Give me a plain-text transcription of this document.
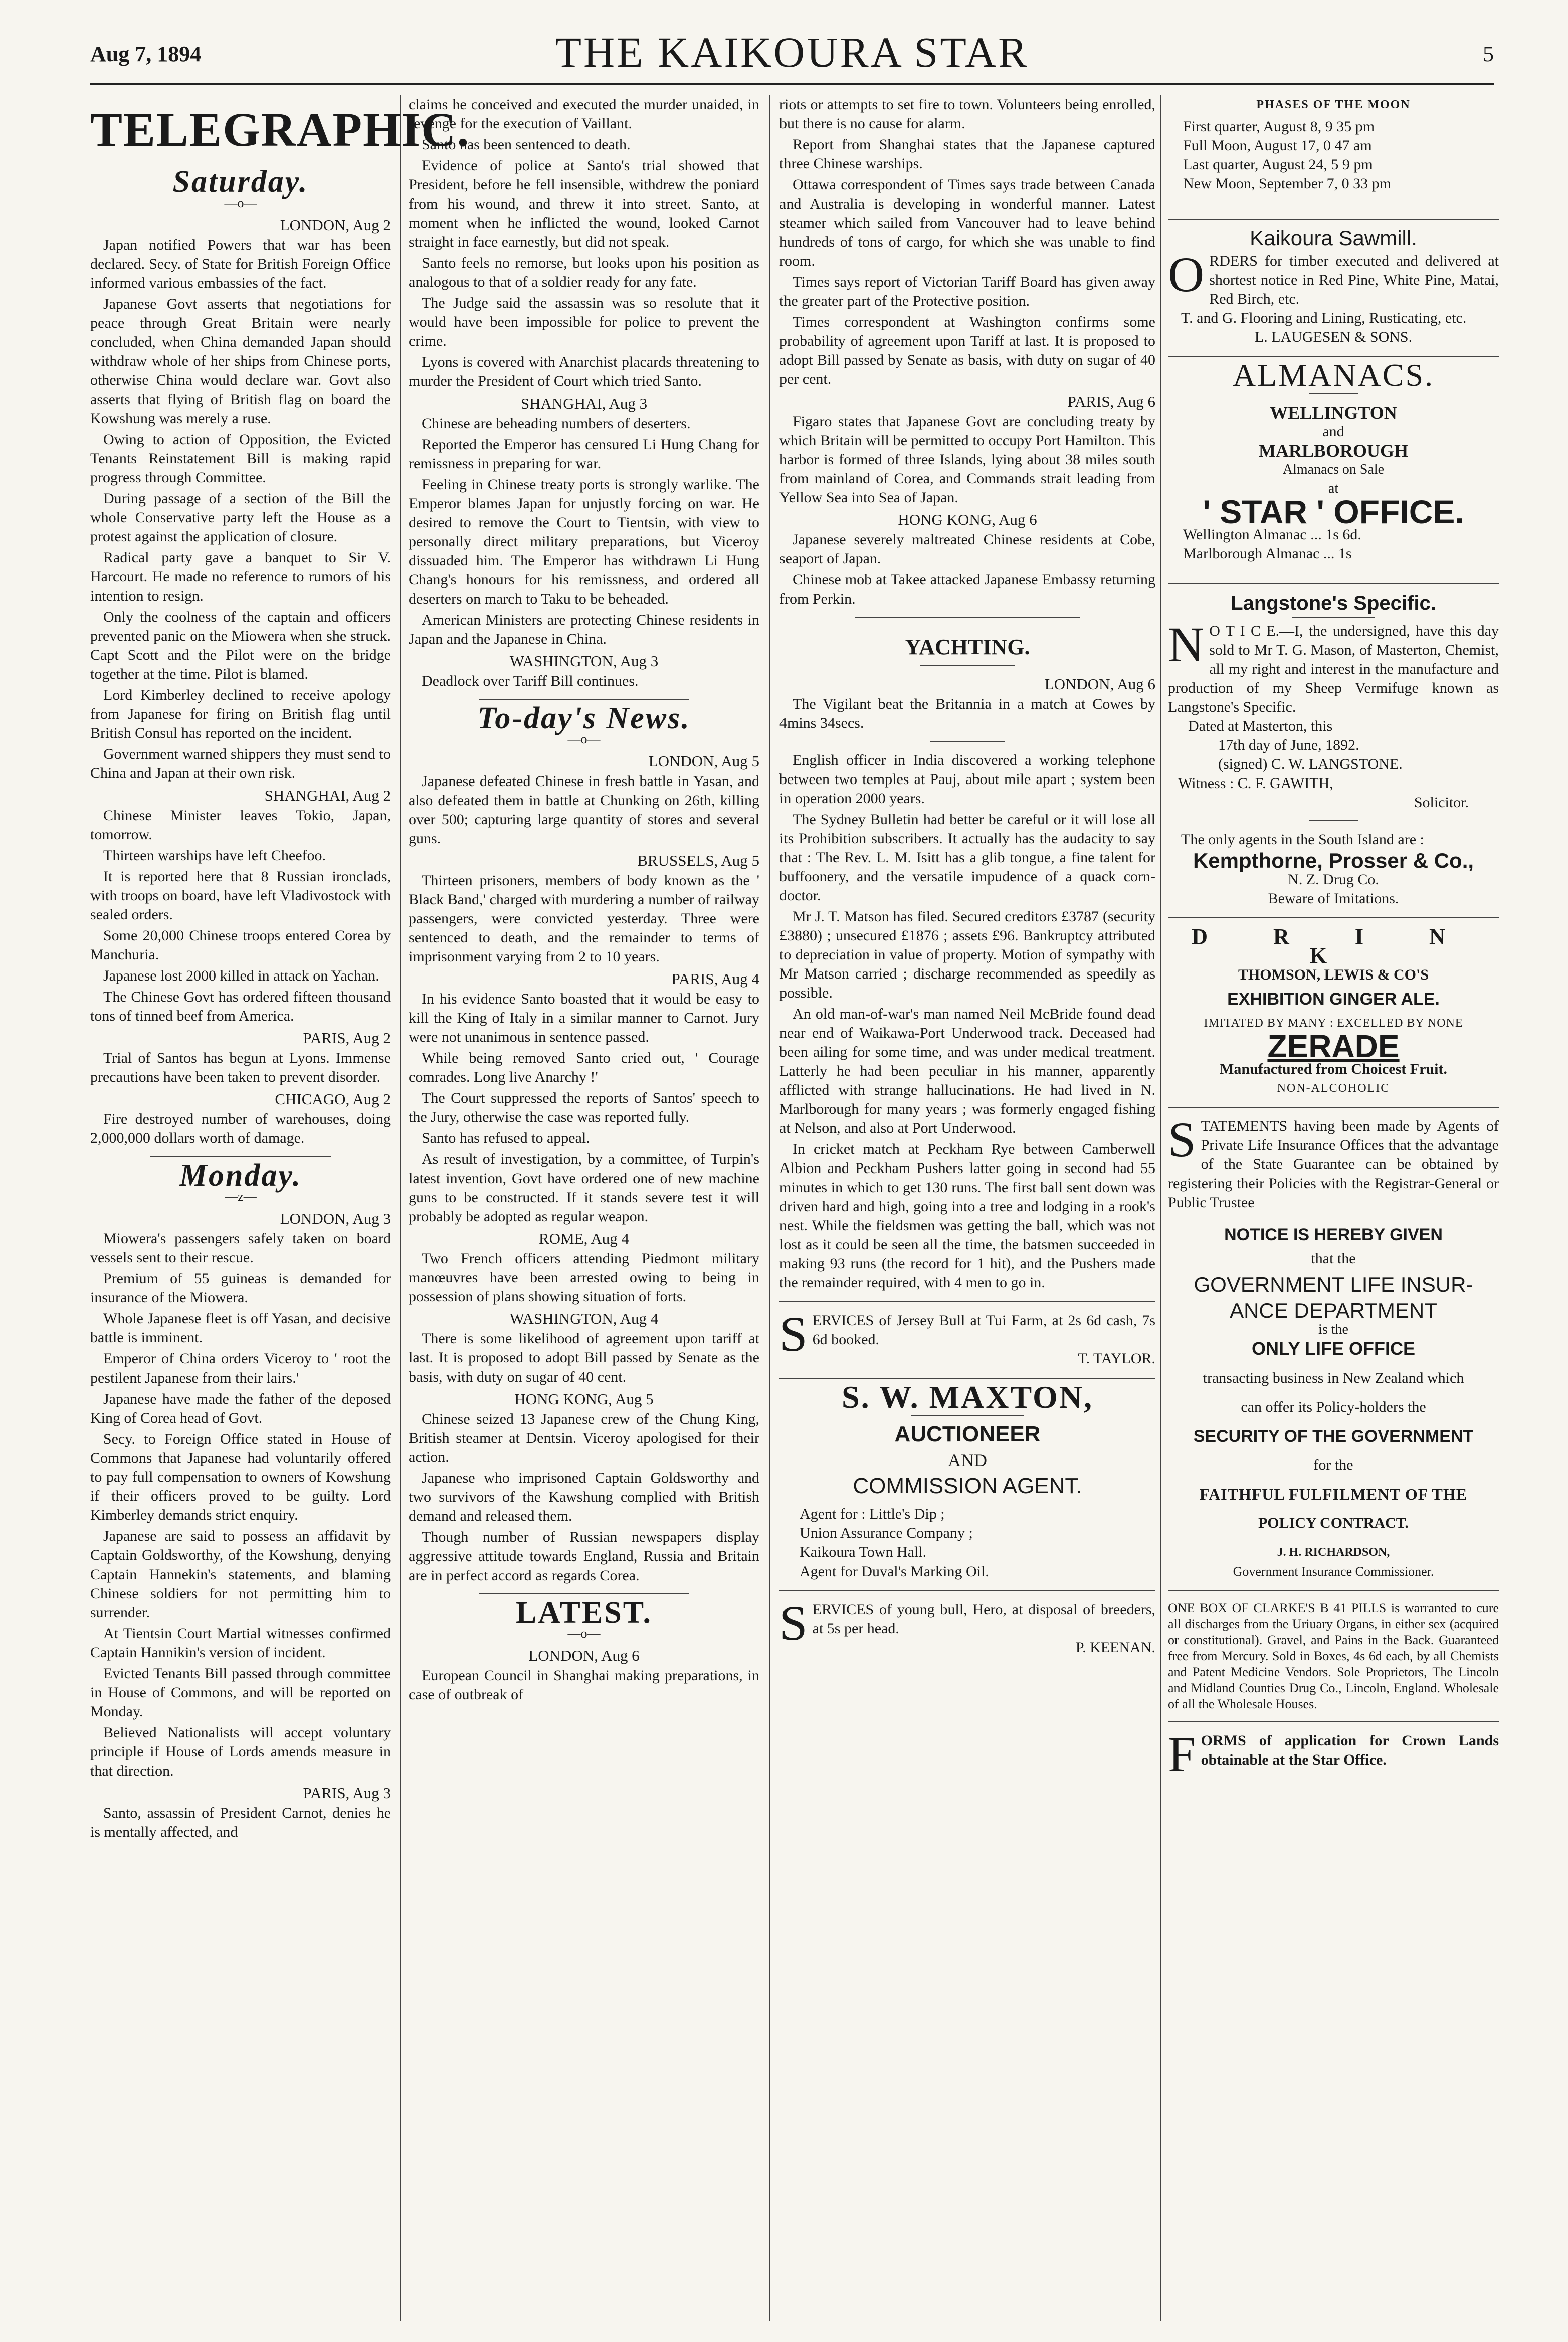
Aug 7, 1894	THE KAIKOURA STAR	5
TELEGRAPHIC.
Saturday.
—o—
LONDON, Aug 2

Japan notified Powers that war has been declared. Secy. of State for British Foreign Office informed various embassies of the fact.

Japanese Govt asserts that negotiations for peace through Great Britain were nearly concluded, when China demanded Japan should withdraw whole of her ships from Chinese ports, otherwise China would declare war. Govt also asserts that flying of British flag on board the Kowshung was merely a ruse.

Owing to action of Opposition, the Evicted Tenants Reinstatement Bill is making rapid progress through Committee.

During passage of a section of the Bill the whole Conservative party left the House as a protest against the application of closure.

Radical party gave a banquet to Sir V. Harcourt. He made no reference to rumors of his intention to resign.

Only the coolness of the captain and officers prevented panic on the Miowera when she struck. Capt Scott and the Pilot were on the bridge together at the time. Pilot is blamed.

Lord Kimberley declined to receive apology from Japanese for firing on British flag until British Consul has reported on the incident.

Government warned shippers they must send to China and Japan at their own risk.

SHANGHAI, Aug 2

Chinese Minister leaves Tokio, Japan, tomorrow.

Thirteen warships have left Cheefoo.

It is reported here that 8 Russian ironclads, with troops on board, have left Vladivostock with sealed orders.

Some 20,000 Chinese troops entered Corea by Manchuria.

Japanese lost 2000 killed in attack on Yachan.

The Chinese Govt has ordered fifteen thousand tons of tinned beef from America.

PARIS, Aug 2

Trial of Santos has begun at Lyons. Immense precautions have been taken to prevent disorder.

CHICAGO, Aug 2

Fire destroyed number of warehouses, doing 2,000,000 dollars worth of damage.

Monday.
—z—
LONDON, Aug 3

Miowera's passengers safely taken on board vessels sent to their rescue.

Premium of 55 guineas is demanded for insurance of the Miowera.

Whole Japanese fleet is off Yasan, and decisive battle is imminent.

Emperor of China orders Viceroy to ' root the pestilent Japanese from their lairs.'

Japanese have made the father of the deposed King of Corea head of Govt.

Secy. to Foreign Office stated in House of Commons that Japanese had voluntarily offered to pay full compensation to owners of Kowshung if their officers proved to be guilty. Lord Kimberley demands strict enquiry.

Japanese are said to possess an affidavit by Captain Goldsworthy, of the Kowshung, denying Captain Hannekin's statements, and blaming Chinese soldiers for not permitting him to surrender.

At Tientsin Court Martial witnesses confirmed Captain Hannikin's version of incident.

Evicted Tenants Bill passed through committee in House of Commons, and will be reported on Monday.

Believed Nationalists will accept voluntary principle if House of Lords amends measure in that direction.

PARIS, Aug 3

Santo, assassin of President Carnot, denies he is mentally affected, and

claims he conceived and executed the murder unaided, in revenge for the execution of Vaillant.

Santo has been sentenced to death.

Evidence of police at Santo's trial showed that President, before he fell insensible, withdrew the poniard from his wound, and threw it into street. Santo, at moment when he inflicted the wound, looked Carnot straight in face earnestly, but did not speak.

Santo feels no remorse, but looks upon his position as analogous to that of a soldier ready for any fate.

The Judge said the assassin was so resolute that it would have been impossible for police to prevent the crime.

Lyons is covered with Anarchist placards threatening to murder the President of Court which tried Santo.

SHANGHAI, Aug 3

Chinese are beheading numbers of deserters.

Reported the Emperor has censured Li Hung Chang for remissness in preparing for war.

Feeling in Chinese treaty ports is strongly warlike. The Emperor blames Japan for unjustly forcing on war. He desired to remove the Court to Tientsin, with view to personally direct military preparations, but Viceroy dissuaded him. The Emperor has withdrawn Li Hung Chang's honours for his remissness, and ordered all deserters on march to Taku to be beheaded.

American Ministers are protecting Chinese residents in Japan and the Japanese in China.

WASHINGTON, Aug 3

Deadlock over Tariff Bill continues.

To-day's News.
—o—
LONDON, Aug 5

Japanese defeated Chinese in fresh battle in Yasan, and also defeated them in battle at Chunking on 26th, killing over 500; capturing large quantity of stores and several guns.

BRUSSELS, Aug 5

Thirteen prisoners, members of body known as the ' Black Band,' charged with murdering a number of railway passengers, were convicted yesterday. Three were sentenced to death, and the remainder to terms of imprisonment varying from 2 to 10 years.

PARIS, Aug 4

In his evidence Santo boasted that it would be easy to kill the King of Italy in a similar manner to Carnot. Jury were not unanimous in sentence passed.

While being removed Santo cried out, ' Courage comrades. Long live Anarchy !'

The Court suppressed the reports of Santos' speech to the Jury, otherwise the case was reported fully.

Santo has refused to appeal.

As result of investigation, by a committee, of Turpin's latest invention, Govt have ordered one of new machine guns to be constructed. If it stands severe test it will probably be adopted as regular weapon.

ROME, Aug 4

Two French officers attending Piedmont military manœuvres have been arrested owing to being in possession of plans showing situation of forts.

WASHINGTON, Aug 4

There is some likelihood of agreement upon tariff at last. It is proposed to adopt Bill passed by Senate as the basis, with duty on sugar of 40 cent.

HONG KONG, Aug 5

Chinese seized 13 Japanese crew of the Chung King, British steamer at Dentsin. Viceroy apologised for their action.

Japanese who imprisoned Captain Goldsworthy and two survivors of the Kawshung complied with British demand and released them.

Though number of Russian newspapers display aggressive attitude towards England, Russia and Britain are in perfect accord as regards Corea.

LATEST.
—o—
LONDON, Aug 6

European Council in Shanghai making preparations, in case of outbreak of

riots or attempts to set fire to town. Volunteers being enrolled, but there is no cause for alarm.

Report from Shanghai states that the Japanese captured three Chinese warships.

Ottawa correspondent of Times says trade between Canada and Australia is developing in wonderful manner. Latest steamer which sailed from Vancouver had to leave behind hundreds of tons of cargo, for which she was unable to find room.

Times says report of Victorian Tariff Board has given away the greater part of the Protective position.

Times correspondent at Washington confirms some probability of agreement upon Tariff at last. It is proposed to adopt Bill passed by Senate as basis, with duty on sugar of 40 per cent.

PARIS, Aug 6

Figaro states that Japanese Govt are concluding treaty by which Britain will be permitted to occupy Port Hamilton. This harbor is formed of three Islands, lying about 38 miles south from mainland of Corea, and Commands strait leading from Yellow Sea into Sea of Japan.

HONG KONG, Aug 6

Japanese severely maltreated Chinese residents at Cobe, seaport of Japan.

Chinese mob at Takee attacked Japanese Embassy returning from Perkin.

YACHTING.
LONDON, Aug 6

The Vigilant beat the Britannia in a match at Cowes by 4mins 34secs.

English officer in India discovered a working telephone between two temples at Pauj, about mile apart ; system been in operation 2000 years.

The Sydney Bulletin had better be careful or it will lose all its Prohibition subscribers. It actually has the audacity to say that : The Rev. L. M. Isitt has a glib tongue, a fine talent for buffoonery, and the versatile impudence of a quack corn-doctor.

Mr J. T. Matson has filed. Secured creditors £3787 (security £3880) ; unsecured £1876 ; assets £96. Bankruptcy attributed to depreciation in value of property. Motion of sympathy with Mr Matson carried ; discharge recommended as speedily as possible.

An old man-of-war's man named Neil McBride found dead near end of Waikawa-Port Underwood track. Deceased had been ailing for some time, and was under medical treatment. Latterly he had been peculiar in his manner, apparently afflicted with strange hallucinations. He had lived in N. Marlborough for many years ; was formerly engaged fishing at Nelson, and also at Port Underwood.

In cricket match at Peckham Rye between Camberwell Albion and Peckham Pushers latter going in second had 55 minutes in which to get 130 runs. The first ball sent down was driven hard and high, going into a tree and lodging in a rook's nest. While the fieldsmen was getting the ball, which was not lost as it could be seen all the time, the batsmen succeeded in making 93 runs (the record for 1 hit), and the Pushers made the remainder required, with 4 men to go in.

S ERVICES of Jersey Bull at Tui Farm, at 2s 6d cash, 7s 6d booked.
T. TAYLOR.
S. W. MAXTON,
AUCTIONEER
AND
COMMISSION AGENT.
Agent for : Little's Dip ;
Union Assurance Company ;
Kaikoura Town Hall.
Agent for Duval's Marking Oil.
S ERVICES of young bull, Hero, at disposal of breeders, at 5s per head.
P. KEENAN.
PHASES OF THE MOON
First quarter, August 8, 9 35 pm
Full Moon, August 17, 0 47 am
Last quarter, August 24, 5 9 pm
New Moon, September 7, 0 33 pm
Kaikoura Sawmill.
O RDERS for timber executed and delivered at shortest notice in Red Pine, White Pine, Matai, Red Birch, etc.
T. and G. Flooring and Lining, Rusticating, etc.
L. LAUGESEN & SONS.
ALMANACS.
WELLINGTON
and
MARLBOROUGH
Almanacs on Sale
at
' STAR ' OFFICE.
Wellington Almanac ... 1s 6d.
Marlborough Almanac ... 1s
Langstone's Specific.
N O T I C E.—I, the undersigned, have this day sold to Mr T. G. Mason, of Masterton, Chemist, all my right and interest in the manufacture and production of my Sheep Vermifuge known as Langstone's Specific.
Dated at Masterton, this
17th day of June, 1892.
(signed) C. W. LANGSTONE.
Witness : C. F. GAWITH,
Solicitor.

The only agents in the South Island are :

Kempthorne, Prosser & Co.,
N. Z. Drug Co.
Beware of Imitations.
D R I N K
THOMSON, LEWIS & CO'S
EXHIBITION GINGER ALE.
IMITATED BY MANY : EXCELLED BY NONE
ZERADE
Manufactured from Choicest Fruit.
NON-ALCOHOLIC
S TATEMENTS having been made by Agents of Private Life Insurance Offices that the advantage of the State Guarantee can be obtained by registering their Policies with the Registrar-General or Public Trustee
NOTICE IS HEREBY GIVEN
that the
GOVERNMENT LIFE INSUR-
ANCE DEPARTMENT
is the
ONLY LIFE OFFICE
transacting business in New Zealand which
can offer its Policy-holders the
SECURITY OF THE GOVERNMENT
for the
FAITHFUL FULFILMENT OF THE
POLICY CONTRACT.
J. H. RICHARDSON,
Government Insurance Commissioner.

ONE BOX OF CLARKE'S B 41 PILLS is warranted to cure all discharges from the Uriuary Organs, in either sex (acquired or constitutional). Gravel, and Pains in the Back. Guaranteed free from Mercury. Sold in Boxes, 4s 6d each, by all Chemists and Patent Medicine Vendors. Sole Proprietors, The Lincoln and Midland Counties Drug Co., Lincoln, England. Wholesale of all the Wholesale Houses.

F ORMS of application for Crown Lands obtainable at the Star Office.
